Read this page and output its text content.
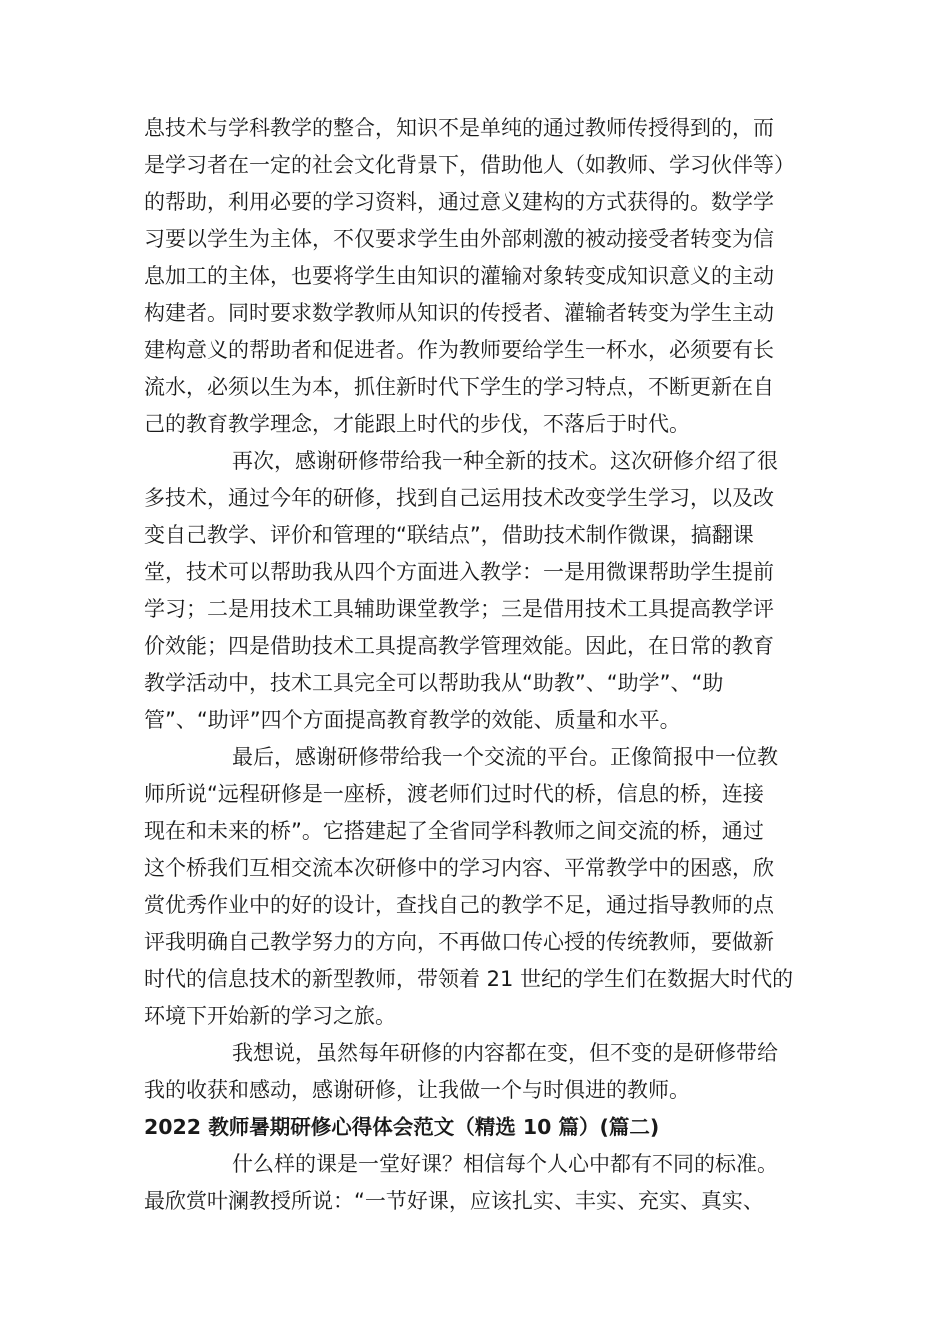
息技术与学科教学的整合，知识不是单纯的通过教师传授得到的，而
是学习者在一定的社会文化背景下，借助他人（如教师、学习伙伴等）
的帮助，利用必要的学习资料，通过意义建构的方式获得的。数学学
习要以学生为主体，不仅要求学生由外部刺激的被动接受者转变为信
息加工的主体，也要将学生由知识的灌输对象转变成知识意义的主动
构建者。同时要求数学教师从知识的传授者、灌输者转变为学生主动
建构意义的帮助者和促进者。作为教师要给学生一杯水，必须要有长
流水，必须以生为本，抓住新时代下学生的学习特点，不断更新在自
己的教育教学理念，才能跟上时代的步伐，不落后于时代。
再次，感谢研修带给我一种全新的技术。这次研修介绍了很
多技术，通过今年的研修，找到自己运用技术改变学生学习，以及改
变自己教学、评价和管理的“联结点”，借助技术制作微课，搞翻课
堂，技术可以帮助我从四个方面进入教学：一是用微课帮助学生提前
学习；二是用技术工具辅助课堂教学；三是借用技术工具提高教学评
价效能；四是借助技术工具提高教学管理效能。因此，在日常的教育
教学活动中，技术工具完全可以帮助我从“助教”、“助学”、“助
管”、“助评”四个方面提高教育教学的效能、质量和水平。
最后，感谢研修带给我一个交流的平台。正像简报中一位教
师所说“远程研修是一座桥，渡老师们过时代的桥，信息的桥，连接
现在和未来的桥”。它搭建起了全省同学科教师之间交流的桥，通过
这个桥我们互相交流本次研修中的学习内容、平常教学中的困惑，欣
赏优秀作业中的好的设计，查找自己的教学不足，通过指导教师的点
评我明确自己教学努力的方向，不再做口传心授的传统教师，要做新
时代的信息技术的新型教师，带领着 21 世纪的学生们在数据大时代的
环境下开始新的学习之旅。
我想说，虽然每年研修的内容都在变，但不变的是研修带给
我的收获和感动，感谢研修，让我做一个与时俱进的教师。
2022 教师暑期研修心得体会范文（精选 10 篇）(篇二)
什么样的课是一堂好课？相信每个人心中都有不同的标准。
最欣赏叶澜教授所说：“一节好课，应该扎实、丰实、充实、真实、
